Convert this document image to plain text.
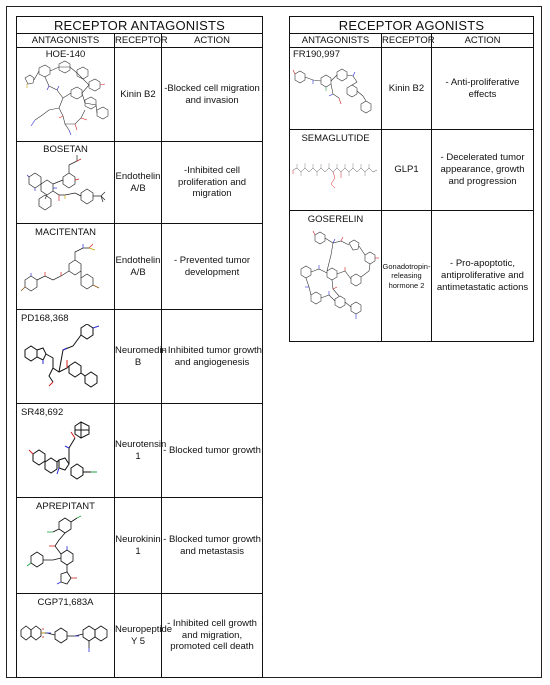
RECEPTOR ANTAGONISTS		
ANTAGONISTS	RECEPTOR	ACTION

HOE-140	Kinin B2	-Blocked cell migration and invasion

BOSETAN	Endothelin A/B	-Inhibited cell proliferation and migration

MACITENTAN	Endothelin A/B	- Prevented tumor development

PD168,368	Neuromedin B	- Inhibited tumor growth and angiogenesis

SR48,692	Neurotensin 1	- Blocked tumor growth

APREPITANT	Neurokinin 1	- Blocked tumor growth and metastasis

CGP71,683A	Neuropeptide Y 5	- Inhibited cell growth and migration, promoted cell death
RECEPTOR AGONISTS		
ANTAGONISTS	RECEPTOR	ACTION

FR190,997	Kinin B2	- Anti-proliferative effects

SEMAGLUTIDE	GLP1	- Decelerated tumor appearance, growth and progression

GOSERELIN	Gonadotropin-releasing hormone 2	- Pro-apoptotic, antiproliferative and antimetastatic actions
